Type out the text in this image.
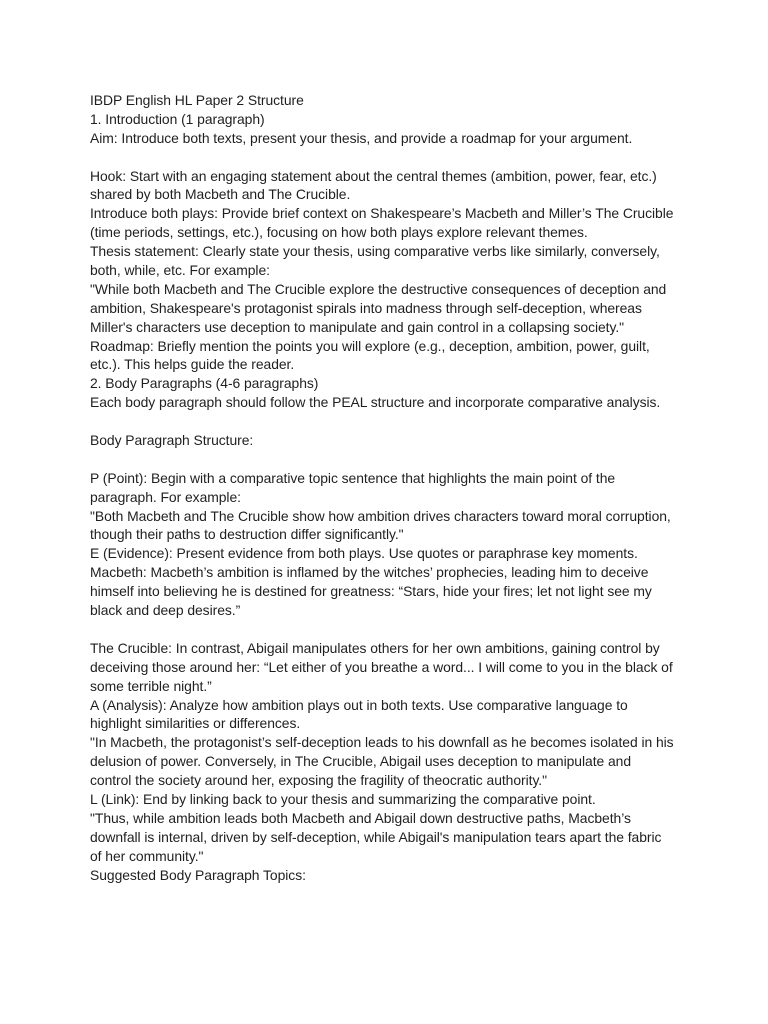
IBDP English HL Paper 2 Structure
1. Introduction (1 paragraph)
Aim: Introduce both texts, present your thesis, and provide a roadmap for your argument.
Hook: Start with an engaging statement about the central themes (ambition, power, fear, etc.)
shared by both Macbeth and The Crucible.
Introduce both plays: Provide brief context on Shakespeare’s Macbeth and Miller’s The Crucible
(time periods, settings, etc.), focusing on how both plays explore relevant themes.
Thesis statement: Clearly state your thesis, using comparative verbs like similarly, conversely,
both, while, etc. For example:
"While both Macbeth and The Crucible explore the destructive consequences of deception and
ambition, Shakespeare's protagonist spirals into madness through self-deception, whereas
Miller's characters use deception to manipulate and gain control in a collapsing society."
Roadmap: Briefly mention the points you will explore (e.g., deception, ambition, power, guilt,
etc.). This helps guide the reader.
2. Body Paragraphs (4-6 paragraphs)
Each body paragraph should follow the PEAL structure and incorporate comparative analysis.
Body Paragraph Structure:
P (Point): Begin with a comparative topic sentence that highlights the main point of the
paragraph. For example:
"Both Macbeth and The Crucible show how ambition drives characters toward moral corruption,
though their paths to destruction differ significantly."
E (Evidence): Present evidence from both plays. Use quotes or paraphrase key moments.
Macbeth: Macbeth’s ambition is inflamed by the witches’ prophecies, leading him to deceive
himself into believing he is destined for greatness: “Stars, hide your fires; let not light see my
black and deep desires.”
The Crucible: In contrast, Abigail manipulates others for her own ambitions, gaining control by
deceiving those around her: “Let either of you breathe a word... I will come to you in the black of
some terrible night.”
A (Analysis): Analyze how ambition plays out in both texts. Use comparative language to
highlight similarities or differences.
"In Macbeth, the protagonist’s self-deception leads to his downfall as he becomes isolated in his
delusion of power. Conversely, in The Crucible, Abigail uses deception to manipulate and
control the society around her, exposing the fragility of theocratic authority."
L (Link): End by linking back to your thesis and summarizing the comparative point.
"Thus, while ambition leads both Macbeth and Abigail down destructive paths, Macbeth’s
downfall is internal, driven by self-deception, while Abigail's manipulation tears apart the fabric
of her community."
Suggested Body Paragraph Topics:
